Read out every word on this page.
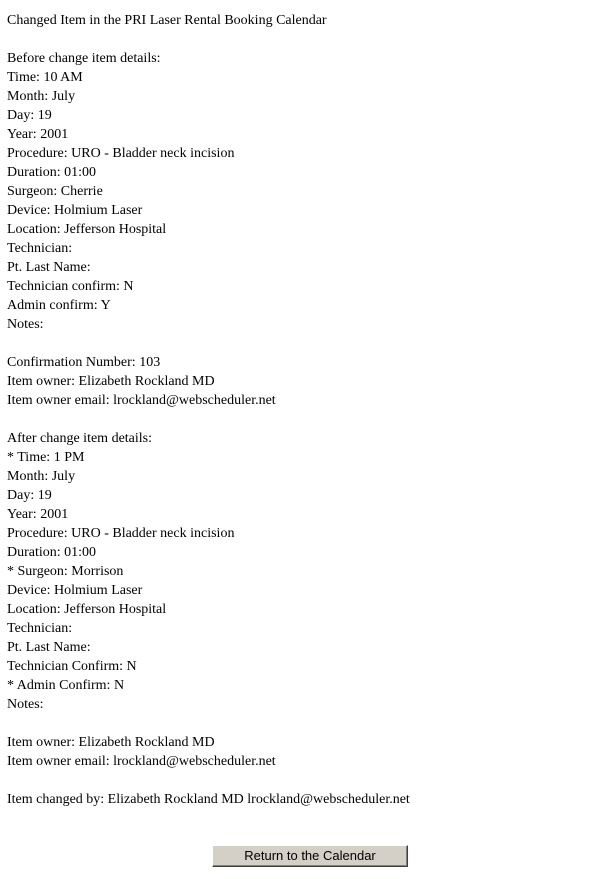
Changed Item in the PRI Laser Rental Booking Calendar
Before change item details:
Time: 10 AM
Month: July
Day: 19
Year: 2001
Procedure: URO - Bladder neck incision
Duration: 01:00
Surgeon: Cherrie
Device: Holmium Laser
Location: Jefferson Hospital
Technician:
Pt. Last Name:
Technician confirm: N
Admin confirm: Y
Notes:
Confirmation Number: 103
Item owner: Elizabeth Rockland MD
Item owner email: lrockland@webscheduler.net
After change item details:
* Time: 1 PM
Month: July
Day: 19
Year: 2001
Procedure: URO - Bladder neck incision
Duration: 01:00
* Surgeon: Morrison
Device: Holmium Laser
Location: Jefferson Hospital
Technician:
Pt. Last Name:
Technician Confirm: N
* Admin Confirm: N
Notes:
Item owner: Elizabeth Rockland MD
Item owner email: lrockland@webscheduler.net
Item changed by: Elizabeth Rockland MD lrockland@webscheduler.net
Return to the Calendar
